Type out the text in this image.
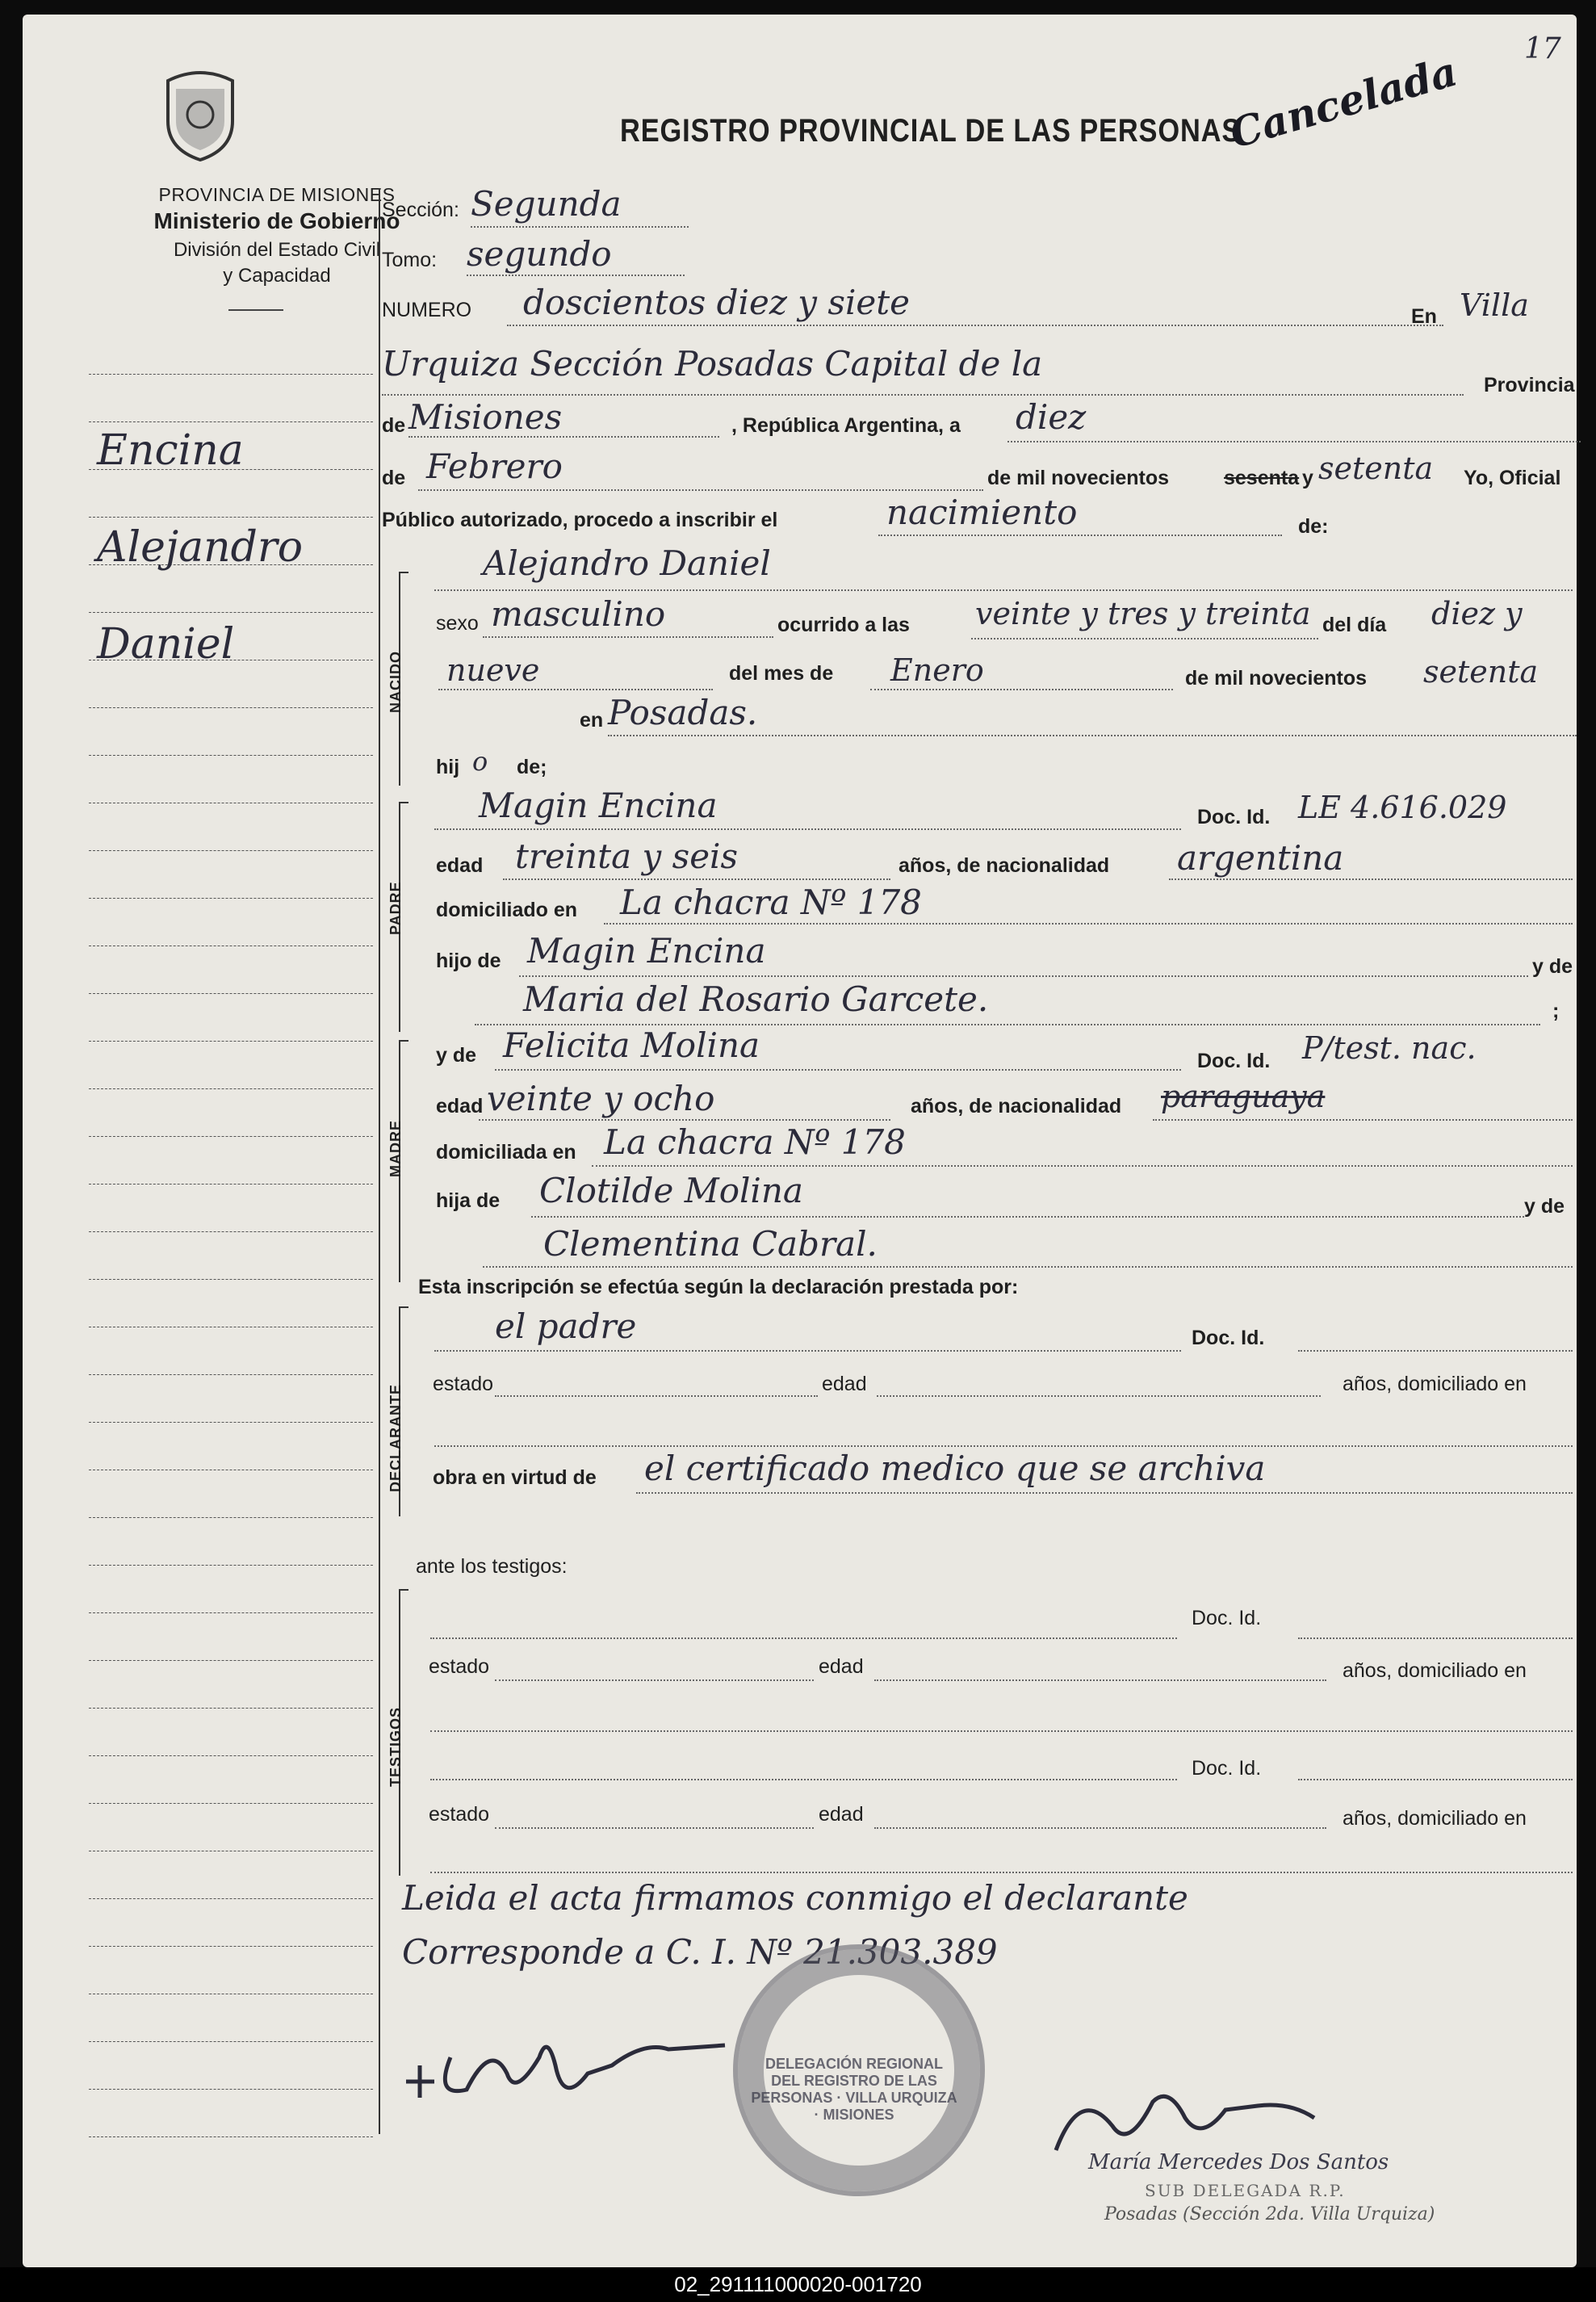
17
PROVINCIA DE MISIONES
Ministerio de Gobierno
División del Estado Civil
y Capacidad
Encina
Alejandro
Daniel
REGISTRO PROVINCIAL DE LAS PERSONAS
Cancelada
Sección: Segunda
Tomo: segundo
NUMERO doscientos diez y siete	En Villa
Urquiza Sección Posadas Capital de la
Provincia
de Misiones	, República Argentina, a diez
de Febrero	de mil novecientos	sesenta y setenta Yo, Oficial
Público autorizado, procedo a inscribir el	nacimiento	de:
NACIDO
Alejandro Daniel
sexo masculino	ocurrido a las veinte y tres y treinta del día diez y
nueve	del mes de Enero	de mil novecientos setenta
en Posadas.
hij o de;
PADRE
Magin Encina	Doc. Id. LE 4.616.029
edad treinta y seis	años, de nacionalidad argentina
domiciliado en La chacra Nº 178
hijo de Magin Encina	y de
Maria del Rosario Garcete.	;
MADRE
y de Felicita Molina	Doc. Id. P/test. nac.
edad veinte y ocho	años, de nacionalidad paraguaya
domiciliada en La chacra Nº 178
hija de Clotilde Molina	y de
Clementina Cabral.
Esta inscripción se efectúa según la declaración prestada por:
DECLARANTE
el padre	Doc. Id.
estado	edad	años, domiciliado en
obra en virtud de el certificado medico que se archiva
ante los testigos:
TESTIGOS
Doc. Id.
estado	edad	años, domiciliado en
Doc. Id.
estado	edad	años, domiciliado en
Leida el acta firmamos conmigo el declarante
Corresponde a C. I. Nº 21.303.389
DELEGACIÓN REGIONAL DEL REGISTRO DE LAS PERSONAS · VILLA URQUIZA · MISIONES
María Mercedes Dos Santos
SUB DELEGADA R.P.
Posadas (Sección 2da. Villa Urquiza)
02_291111000020-001720
